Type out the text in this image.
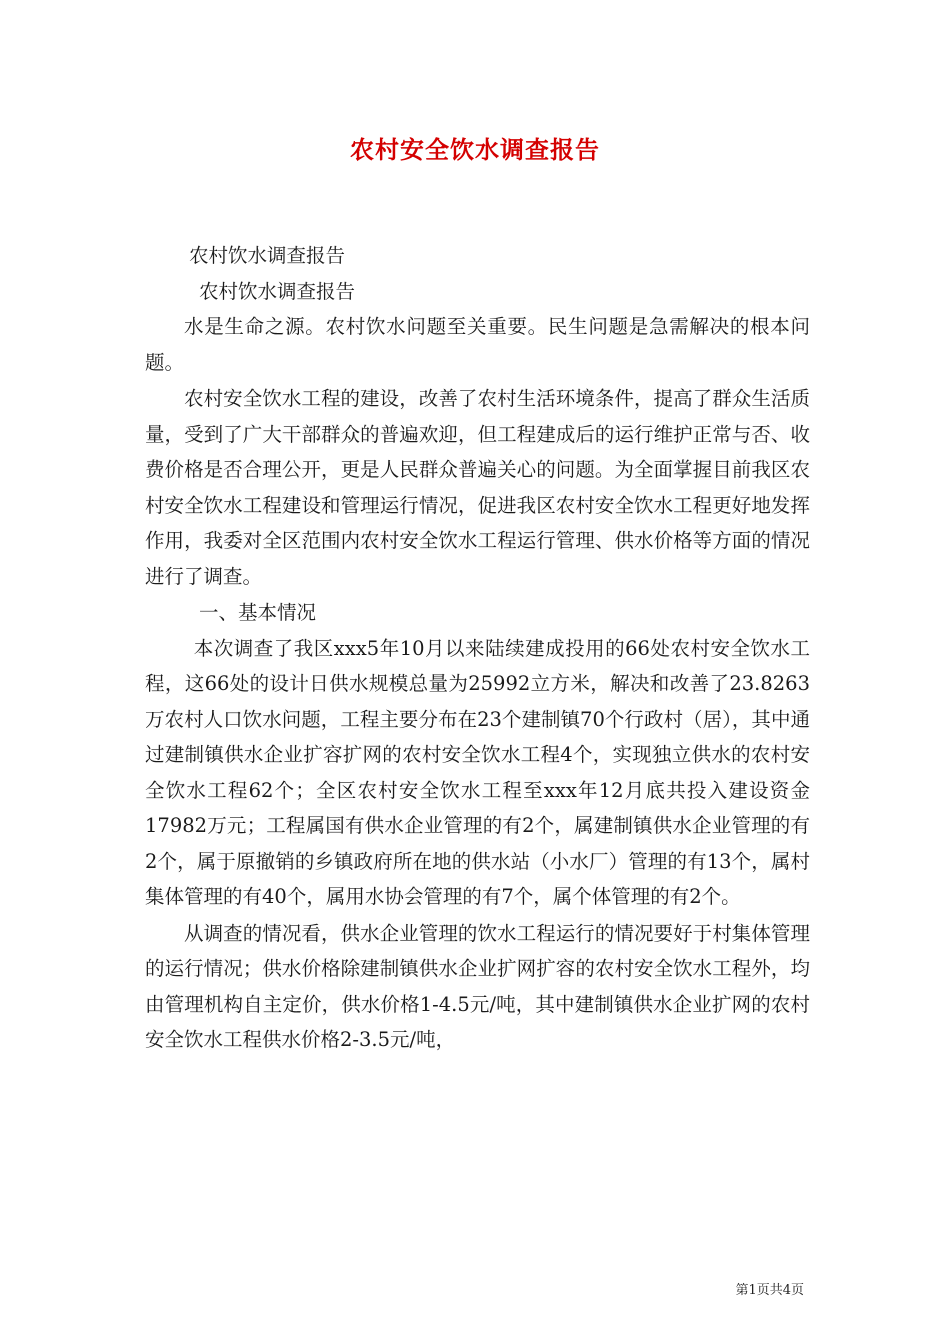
农村安全饮水调查报告

农村饮水调查报告

农村饮水调查报告

水是生命之源。农村饮水问题至关重要。民生问题是急需解决的根本问题。

农村安全饮水工程的建设，改善了农村生活环境条件，提高了群众生活质量，受到了广大干部群众的普遍欢迎，但工程建成后的运行维护正常与否、收费价格是否合理公开，更是人民群众普遍关心的问题。为全面掌握目前我区农村安全饮水工程建设和管理运行情况，促进我区农村安全饮水工程更好地发挥作用，我委对全区范围内农村安全饮水工程运行管理、供水价格等方面的情况进行了调查。

一、基本情况

本次调查了我区xxx5年10月以来陆续建成投用的66处农村安全饮水工程，这66处的设计日供水规模总量为25992立方米，解决和改善了23.8263万农村人口饮水问题，工程主要分布在23个建制镇70个行政村（居），其中通过建制镇供水企业扩容扩网的农村安全饮水工程4个，实现独立供水的农村安全饮水工程62个；全区农村安全饮水工程至xxx年12月底共投入建设资金17982万元；工程属国有供水企业管理的有2个，属建制镇供水企业管理的有2个，属于原撤销的乡镇政府所在地的供水站（小水厂）管理的有13个，属村集体管理的有40个，属用水协会管理的有7个，属个体管理的有2个。

从调查的情况看，供水企业管理的饮水工程运行的情况要好于村集体管理的运行情况；供水价格除建制镇供水企业扩网扩容的农村安全饮水工程外，均由管理机构自主定价，供水价格1-4.5元/吨，其中建制镇供水企业扩网的农村安全饮水工程供水价格2-3.5元/吨，

第1页共4页
